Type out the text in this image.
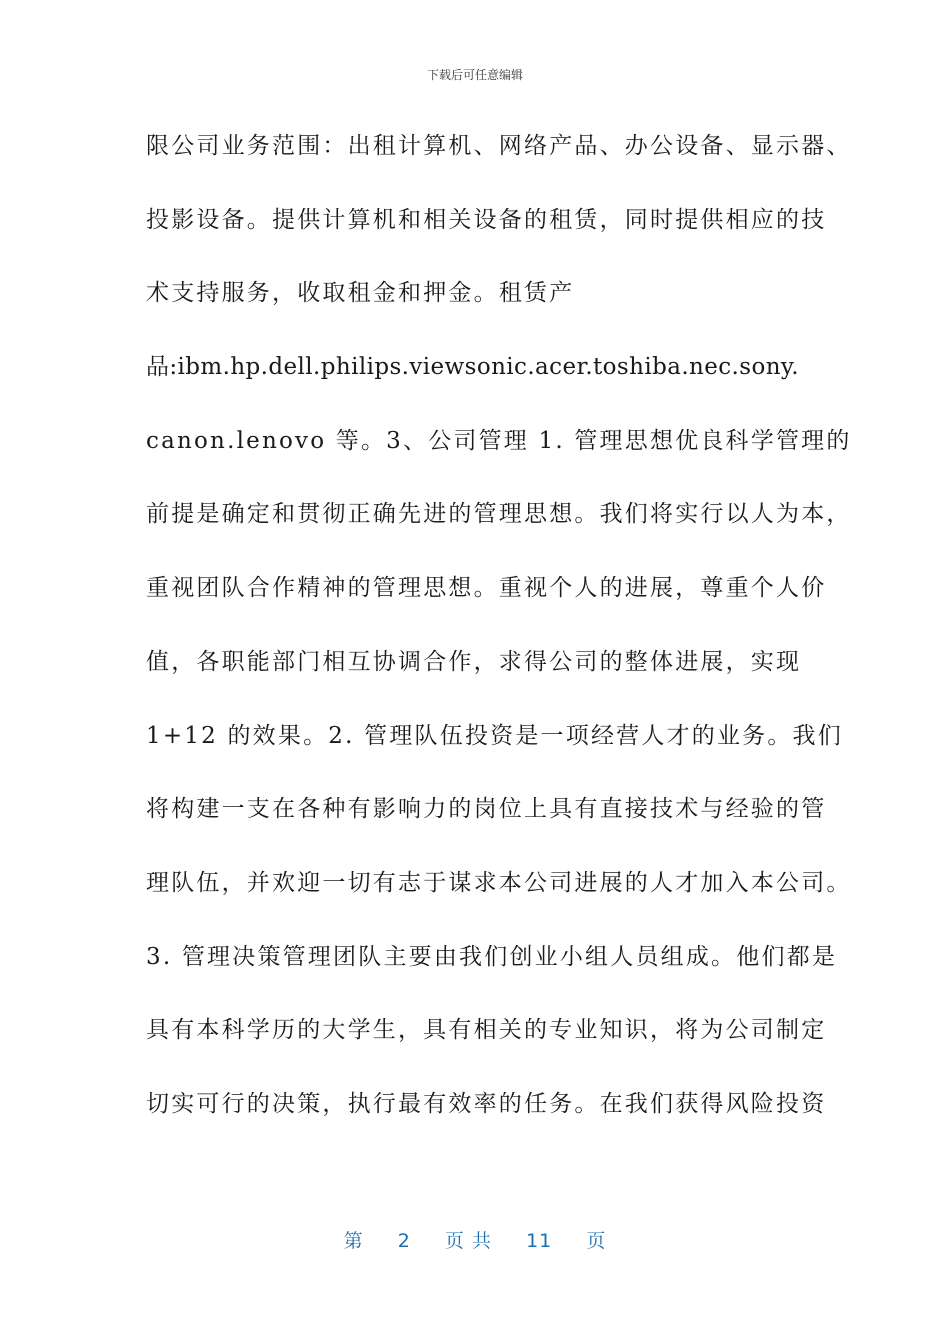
下载后可任意编辑
限公司业务范围：出租计算机、网络产品、办公设备、显示器、
投影设备。提供计算机和相关设备的租赁，同时提供相应的技
术支持服务，收取租金和押金。租赁产
品:ibm.hp.dell.philips.viewsonic.acer.toshiba.nec.sony.
canon.lenovo 等。3、公司管理 1. 管理思想优良科学管理的
前提是确定和贯彻正确先进的管理思想。我们将实行以人为本，
重视团队合作精神的管理思想。重视个人的进展，尊重个人价
值，各职能部门相互协调合作，求得公司的整体进展，实现
1+12 的效果。2. 管理队伍投资是一项经营人才的业务。我们
将构建一支在各种有影响力的岗位上具有直接技术与经验的管
理队伍，并欢迎一切有志于谋求本公司进展的人才加入本公司。
3. 管理决策管理团队主要由我们创业小组人员组成。他们都是
具有本科学历的大学生，具有相关的专业知识，将为公司制定
切实可行的决策，执行最有效率的任务。在我们获得风险投资
第 2 页 共 11 页
